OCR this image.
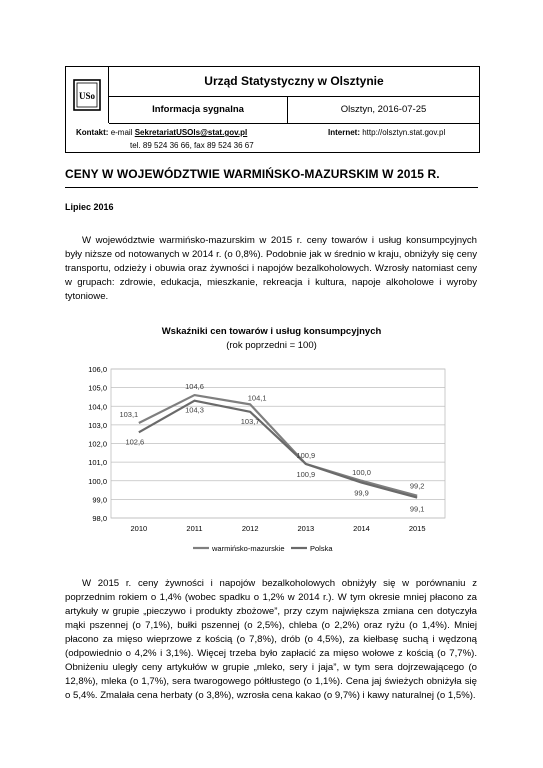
USo
Urząd Statystyczny w Olsztynie
Informacja sygnalna	Olsztyn, 2016-07-25
Kontakt: e-mail SekretariatUSOls@stat.gov.pl
tel. 89 524 36 66, fax 89 524 36 67
Internet: http://olsztyn.stat.gov.pl
CENY W WOJEWÓDZTWIE WARMIŃSKO-MAZURSKIM W 2015 R.
Lipiec 2016
W województwie warmińsko-mazurskim w 2015 r. ceny towarów i usług konsumpcyjnych były niższe od notowanych w 2014 r. (o 0,8%). Podobnie jak w średnio w kraju, obniżyły się ceny transportu, odzieży i obuwia oraz żywności i napojów bezalkoholowych. Wzrosły natomiast ceny w grupach: zdrowie, edukacja, mieszkanie, rekreacja i kultura, napoje alkoholowe i wyroby tytoniowe.
Wskaźniki cen towarów i usług konsumpcyjnych
(rok poprzedni = 100)
98,0
99,0
100,0
101,0
102,0
103,0
104,0
105,0
106,0
2010	2011	2012	2013	2014	2015
103,1
104,6
104,1
100,9
100,0
99,2
102,6
104,3
103,7
100,9
99,9
99,1
warmińsko-mazurskie	Polska
W 2015 r. ceny żywności i napojów bezalkoholowych obniżyły się w porównaniu z poprzednim rokiem o 1,4% (wobec spadku o 1,2% w 2014 r.). W tym okresie mniej płacono za artykuły w grupie „pieczywo i produkty zbożowe”, przy czym największa zmiana cen dotyczyła mąki pszennej (o 7,1%), bułki pszennej (o 2,5%), chleba (o 2,2%) oraz ryżu (o 1,4%). Mniej płacono za mięso wieprzowe z kością (o 7,8%), drób (o 4,5%), za kiełbasę suchą i wędzoną (odpowiednio o 4,2% i 3,1%). Więcej trzeba było zapłacić za mięso wołowe z kością (o 7,7%). Obniżeniu uległy ceny artykułów w grupie „mleko, sery i jaja”, w tym sera dojrzewającego (o 12,8%), mleka (o 1,7%), sera twarogowego półtłustego (o 1,1%). Cena jaj świeżych obniżyła się o 5,4%. Zmalała cena herbaty (o 3,8%), wzrosła cena kakao (o 9,7%) i kawy naturalnej (o 1,5%).
